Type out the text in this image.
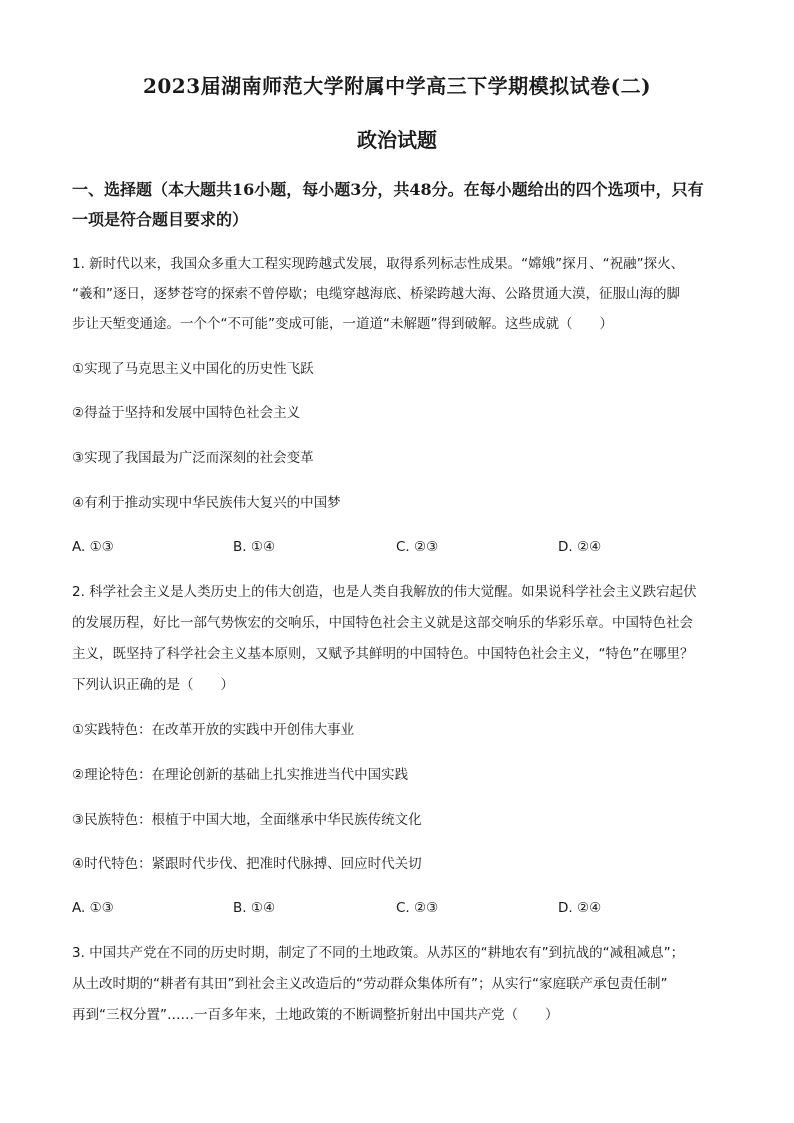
2023届湖南师范大学附属中学高三下学期模拟试卷(二)
政治试题
一、选择题（本大题共16小题，每小题3分，共48分。在每小题给出的四个选项中，只有
一项是符合题目要求的）
1. 新时代以来，我国众多重大工程实现跨越式发展，取得系列标志性成果。“嫦娥”探月、“祝融”探火、
“羲和”逐日，逐梦苍穹的探索不曾停歇；电缆穿越海底、桥梁跨越大海、公路贯通大漠，征服山海的脚
步让天堑变通途。一个个“不可能”变成可能，一道道“未解题”得到破解。这些成就（　　）
①实现了马克思主义中国化的历史性飞跃
②得益于坚持和发展中国特色社会主义
③实现了我国最为广泛而深刻的社会变革
④有利于推动实现中华民族伟大复兴的中国梦
A. ①③	B. ①④	C. ②③	D. ②④
2. 科学社会主义是人类历史上的伟大创造，也是人类自我解放的伟大觉醒。如果说科学社会主义跌宕起伏
的发展历程，好比一部气势恢宏的交响乐，中国特色社会主义就是这部交响乐的华彩乐章。中国特色社会
主义，既坚持了科学社会主义基本原则，又赋予其鲜明的中国特色。中国特色社会主义，“特色”在哪里？
下列认识正确的是（　　）
①实践特色：在改革开放的实践中开创伟大事业
②理论特色：在理论创新的基础上扎实推进当代中国实践
③民族特色：根植于中国大地，全面继承中华民族传统文化
④时代特色：紧跟时代步伐、把准时代脉搏、回应时代关切
A. ①③	B. ①④	C. ②③	D. ②④
3. 中国共产党在不同的历史时期，制定了不同的土地政策。从苏区的“耕地农有”到抗战的“减租减息”；
从土改时期的“耕者有其田”到社会主义改造后的“劳动群众集体所有”；从实行“家庭联产承包责任制”
再到“三权分置”……一百多年来，土地政策的不断调整折射出中国共产党（　　）
